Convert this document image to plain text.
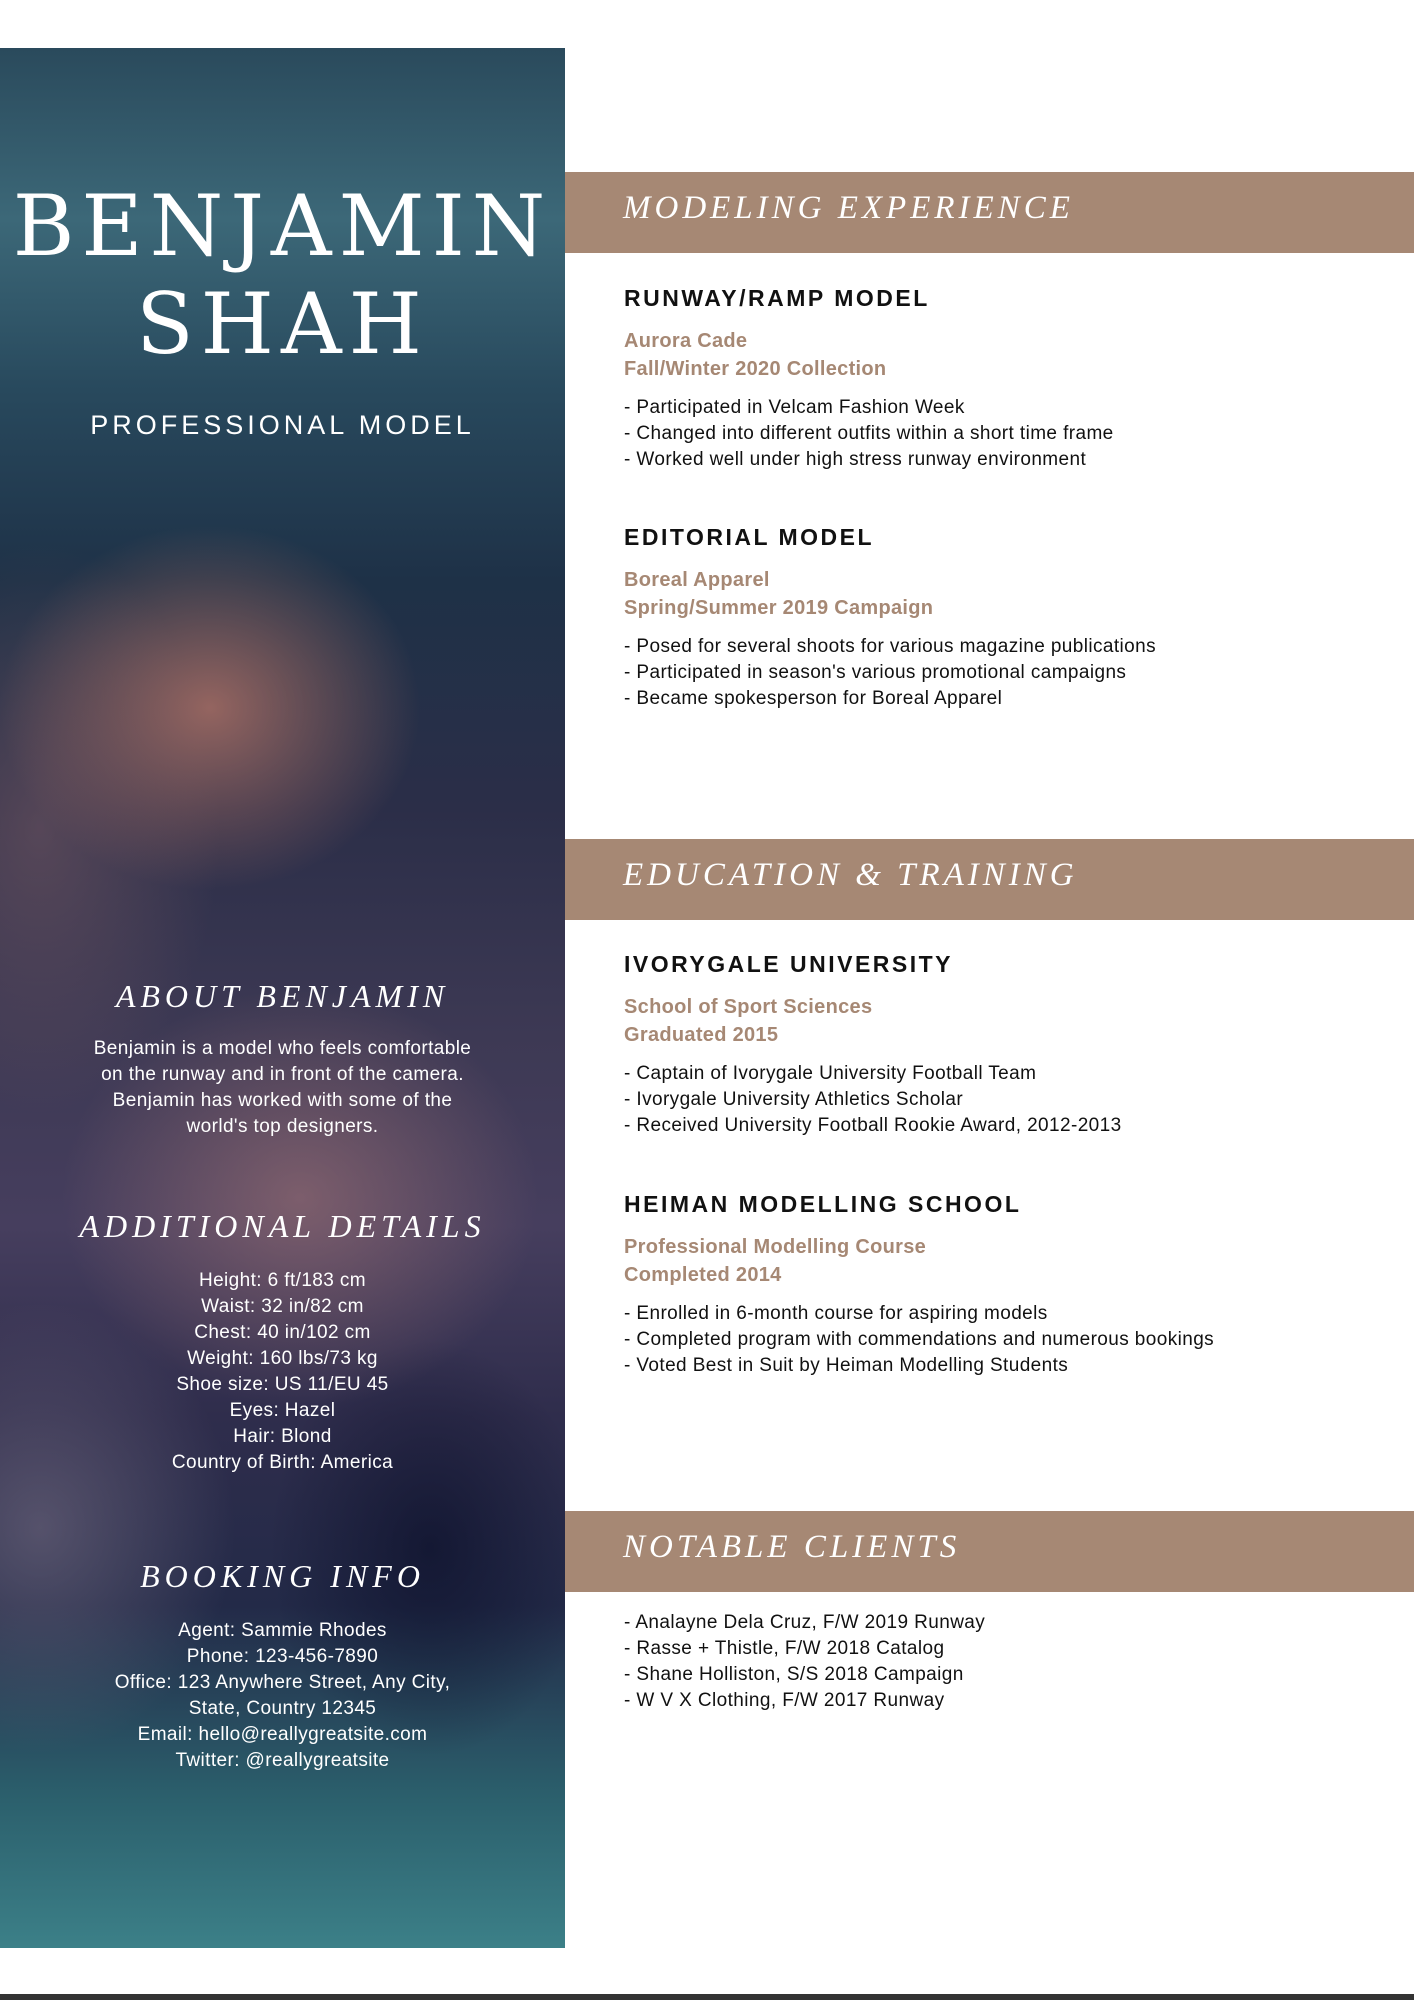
BENJAMIN
SHAH
PROFESSIONAL MODEL
ABOUT BENJAMIN
Benjamin is a model who feels comfortable
on the runway and in front of the camera.
Benjamin has worked with some of the
world's top designers.
ADDITIONAL DETAILS
Height: 6 ft/183 cm
Waist: 32 in/82 cm
Chest: 40 in/102 cm
Weight: 160 lbs/73 kg
Shoe size: US 11/EU 45
Eyes: Hazel
Hair: Blond
Country of Birth: America
BOOKING INFO
Agent: Sammie Rhodes
Phone: 123-456-7890
Office: 123 Anywhere Street, Any City,
State, Country 12345
Email: hello@reallygreatsite.com
Twitter: @reallygreatsite
MODELING EXPERIENCE
RUNWAY/RAMP MODEL
Aurora Cade
Fall/Winter 2020 Collection
- Participated in Velcam Fashion Week
- Changed into different outfits within a short time frame
- Worked well under high stress runway environment
EDITORIAL MODEL
Boreal Apparel
Spring/Summer 2019 Campaign
- Posed for several shoots for various magazine publications
- Participated in season's various promotional campaigns
- Became spokesperson for Boreal Apparel
EDUCATION & TRAINING
IVORYGALE UNIVERSITY
School of Sport Sciences
Graduated 2015
- Captain of Ivorygale University Football Team
- Ivorygale University Athletics Scholar
- Received University Football Rookie Award, 2012-2013
HEIMAN MODELLING SCHOOL
Professional Modelling Course
Completed 2014
- Enrolled in 6-month course for aspiring models
- Completed program with commendations and numerous bookings
- Voted Best in Suit by Heiman Modelling Students
NOTABLE CLIENTS
- Analayne Dela Cruz, F/W 2019 Runway
- Rasse + Thistle, F/W 2018 Catalog
- Shane Holliston, S/S 2018 Campaign
- W V X Clothing, F/W 2017 Runway
